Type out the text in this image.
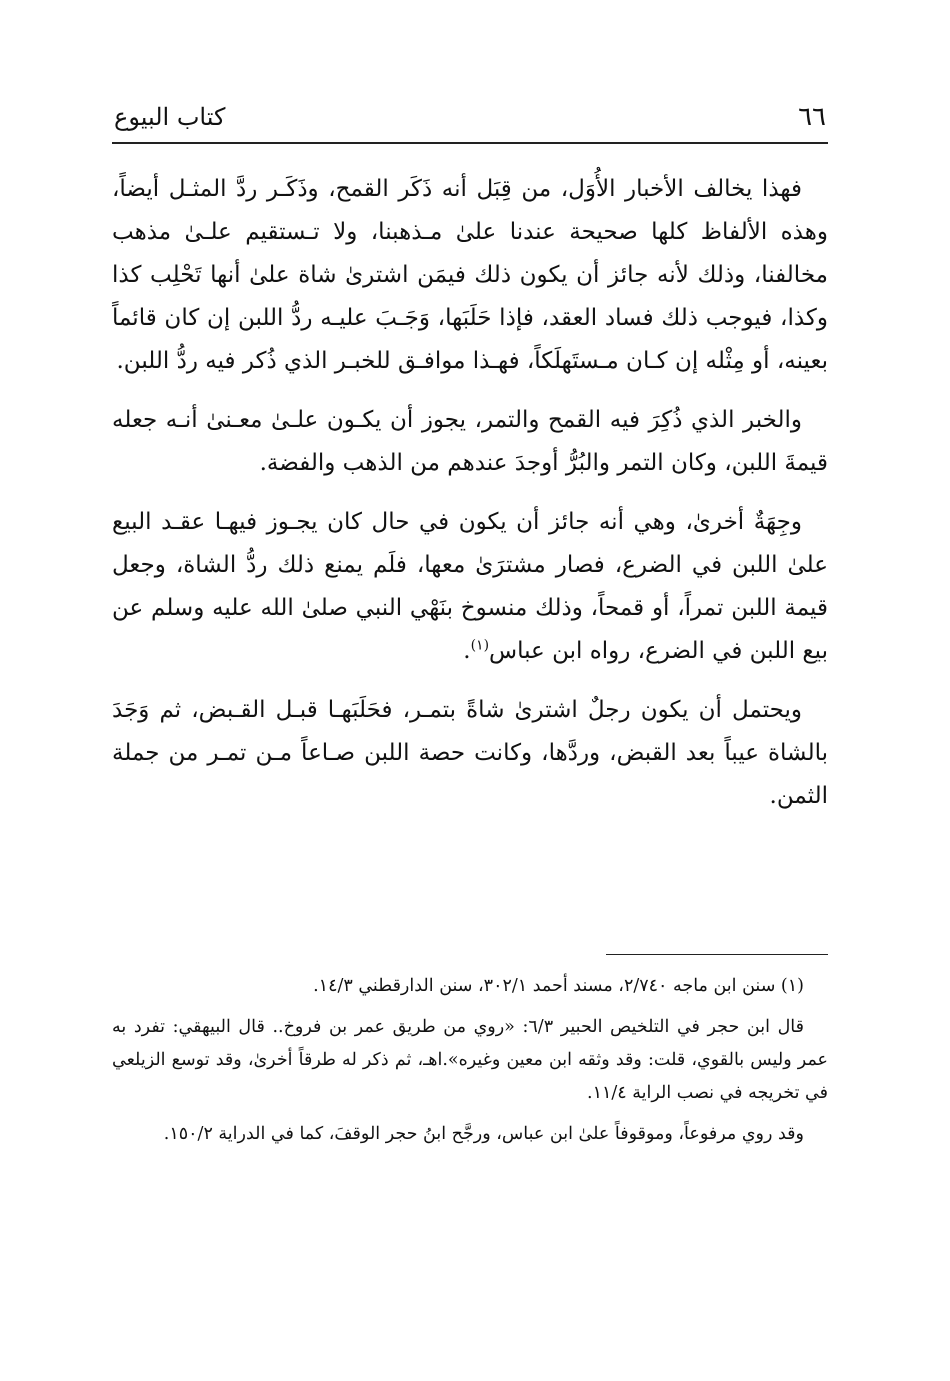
٦٦
كتاب البيوع

فهذا يخالف الأخبار الأُوَل، من قِبَل أنه ذَكَر القمح، وذَكَـر ردَّ المثـل أيضاً، وهذه الألفاظ كلها صحيحة عندنا علىٰ مـذهبنا، ولا تـستقيم علـىٰ مذهب مخالفنا، وذلك لأنه جائز أن يكون ذلك فيمَن اشترىٰ شاة علىٰ أنها تَحْلِب كذا وكذا، فيوجب ذلك فساد العقد، فإذا حَلَبَها، وَجَـبَ عليـه ردُّ اللبن إن كان قائماً بعينه، أو مِثْله إن كـان مـستَهلَكاً، فهـذا موافـق للخبـر الذي ذُكر فيه ردُّ اللبن.

والخبر الذي ذُكِرَ فيه القمح والتمر، يجوز أن يكـون علـىٰ معـنىٰ أنـه جعله قيمةَ اللبن، وكان التمر والبُرُّ أوجدَ عندهم من الذهب والفضة.

وجِهَةٌ أخرىٰ، وهي أنه جائز أن يكون في حال كان يجـوز فيهـا عقـد البيع علىٰ اللبن في الضرع، فصار مشترَىٰ معها، فلَم يمنع ذلك ردُّ الشاة، وجعل قيمة اللبن تمراً، أو قمحاً، وذلك منسوخ بنَهْي النبي صلىٰ الله عليه وسلم عن بيع اللبن في الضرع، رواه ابن عباس$^{(١)}$.

ويحتمل أن يكون رجلٌ اشترىٰ شاةً بتمـر، فحَلَبَهـا قبـل القـبض، ثم وَجَدَ بالشاة عيباً بعد القبض، وردَّها، وكانت حصة اللبن صـاعاً مـن تمـر من جملة الثمن.

(١) سنن ابن ماجه ٢/٧٤٠، مسند أحمد ٣٠٢/١، سنن الدارقطني ١٤/٣.

قال ابن حجر في التلخيص الحبير ٦/٣: «روي من طريق عمر بن فروخ.. قال البيهقي: تفرد به عمر وليس بالقوي، قلت: وقد وثقه ابن معين وغيره».اهـ، ثم ذكر له طرقاً أخرىٰ، وقد توسع الزيلعي في تخريجه في نصب الراية ١١/٤.

وقد روي مرفوعاً، وموقوفاً علىٰ ابن عباس، ورجَّح ابنُ حجر الوقفَ، كما في الدراية ١٥٠/٢.
